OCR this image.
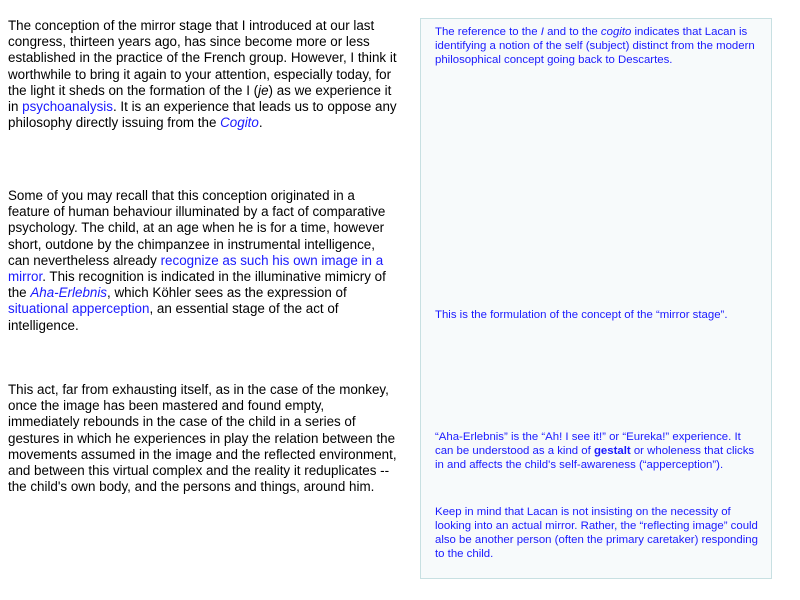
The conception of the mirror stage that I introduced at our last congress, thirteen years ago, has since become more or less established in the practice of the French group. However, I think it worthwhile to bring it again to your attention, especially today, for the light it sheds on the formation of the I (je) as we experience it in psychoanalysis. It is an experience that leads us to oppose any philosophy directly issuing from the Cogito.

Some of you may recall that this conception originated in a feature of human behaviour illuminated by a fact of comparative psychology. The child, at an age when he is for a time, however short, outdone by the chimpanzee in instrumental intelligence, can nevertheless already recognize as such his own image in a mirror. This recognition is indicated in the illuminative mimicry of the Aha-Erlebnis, which Köhler sees as the expression of situational apperception, an essential stage of the act of intelligence.

This act, far from exhausting itself, as in the case of the monkey, once the image has been mastered and found empty, immediately rebounds in the case of the child in a series of gestures in which he experiences in play the relation between the movements assumed in the image and the reflected environment, and between this virtual complex and the reality it reduplicates -- the child's own body, and the persons and things, around him.

The reference to the I and to the cogito indicates that Lacan is identifying a notion of the self (subject) distinct from the modern philosophical concept going back to Descartes.

This is the formulation of the concept of the “mirror stage”.

“Aha-Erlebnis” is the “Ah! I see it!” or “Eureka!” experience. It can be understood as a kind of gestalt or wholeness that clicks in and affects the child's self-awareness (“apperception”).

Keep in mind that Lacan is not insisting on the necessity of looking into an actual mirror. Rather, the “reflecting image” could also be another person (often the primary caretaker) responding to the child.
